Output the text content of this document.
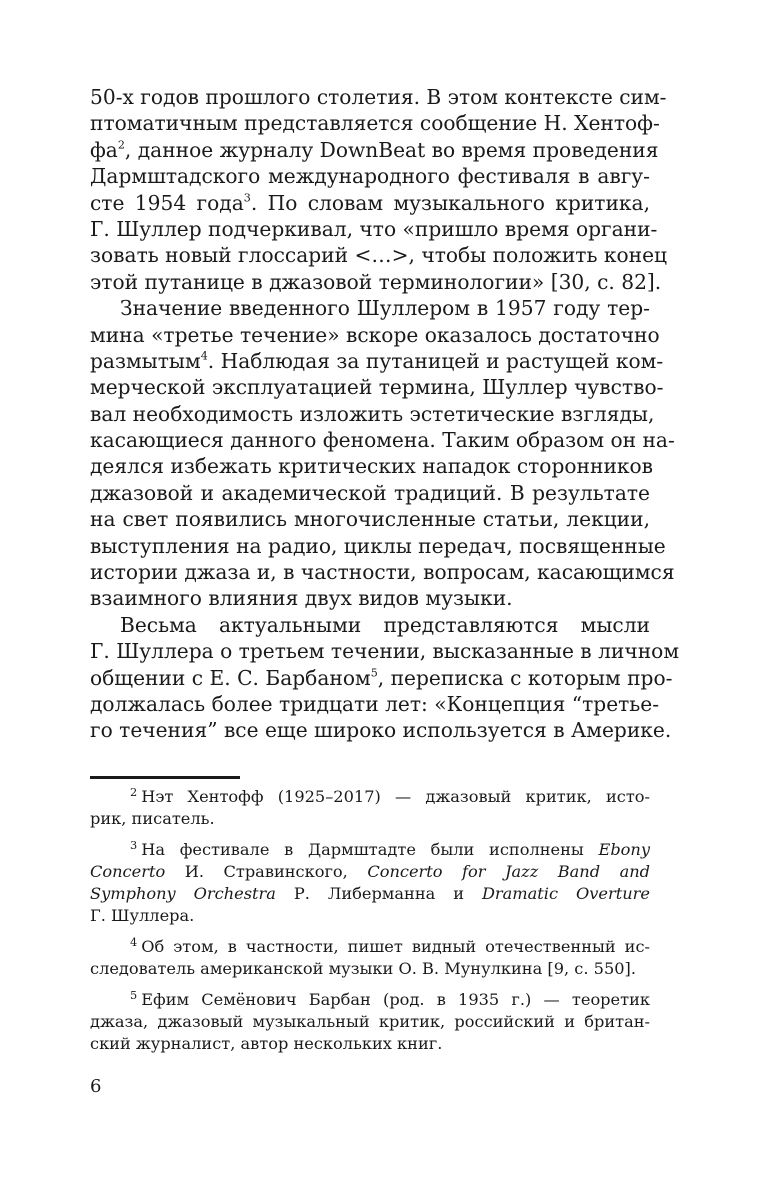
50-х годов прошлого столетия. В этом контексте сим-
птоматичным представляется сообщение Н. Хентоф-
$фа^2$, данное журналу DownBeat во время проведения
Дармштадского международного фестиваля в авгу-
сте 1954 года$^3$. По словам музыкального критика,
Г. Шуллер подчеркивал, что «пришло время органи-
зовать новый глоссарий <…>, чтобы положить конец
этой путанице в джазовой терминологии» [30, с. 82].
Значение введенного Шуллером в 1957 году тер-
мина «третье течение» вскоре оказалось достаточно
размытым$^4$. Наблюдая за путаницей и растущей ком-
мерческой эксплуатацией термина, Шуллер чувство-
вал необходимость изложить эстетические взгляды,
касающиеся данного феномена. Таким образом он на-
деялся избежать критических нападок сторонников
джазовой и академической традиций. В результате
на свет появились многочисленные статьи, лекции,
выступления на радио, циклы передач, посвященные
истории джаза и, в частности, вопросам, касающимся
взаимного влияния двух видов музыки.
Весьма актуальными представляются мысли
Г. Шуллера о третьем течении, высказанные в личном
общении с Е. С. Барбаном$^5$, переписка с которым про-
должалась более тридцати лет: «Концепция “третье-
го течения” все еще широко используется в Америке.
$^2$ Нэт Хентофф (1925–2017) — джазовый критик, исто-
рик, писатель.
$^3$ На фестивале в Дармштадте были исполнены Ebony
Concerto И. Стравинского, Concerto for Jazz Band and
Symphony Orchestra Р. Либерманна и Dramatic Overture
Г. Шуллера.
$^4$ Об этом, в частности, пишет видный отечественный ис-
следователь американской музыки О. В. Мунулкина [9, с. 550].
$^5$ Ефим Семёнович Барбан (род. в 1935 г.) — теоретик
джаза, джазовый музыкальный критик, российский и британ-
ский журналист, автор нескольких книг.
6
